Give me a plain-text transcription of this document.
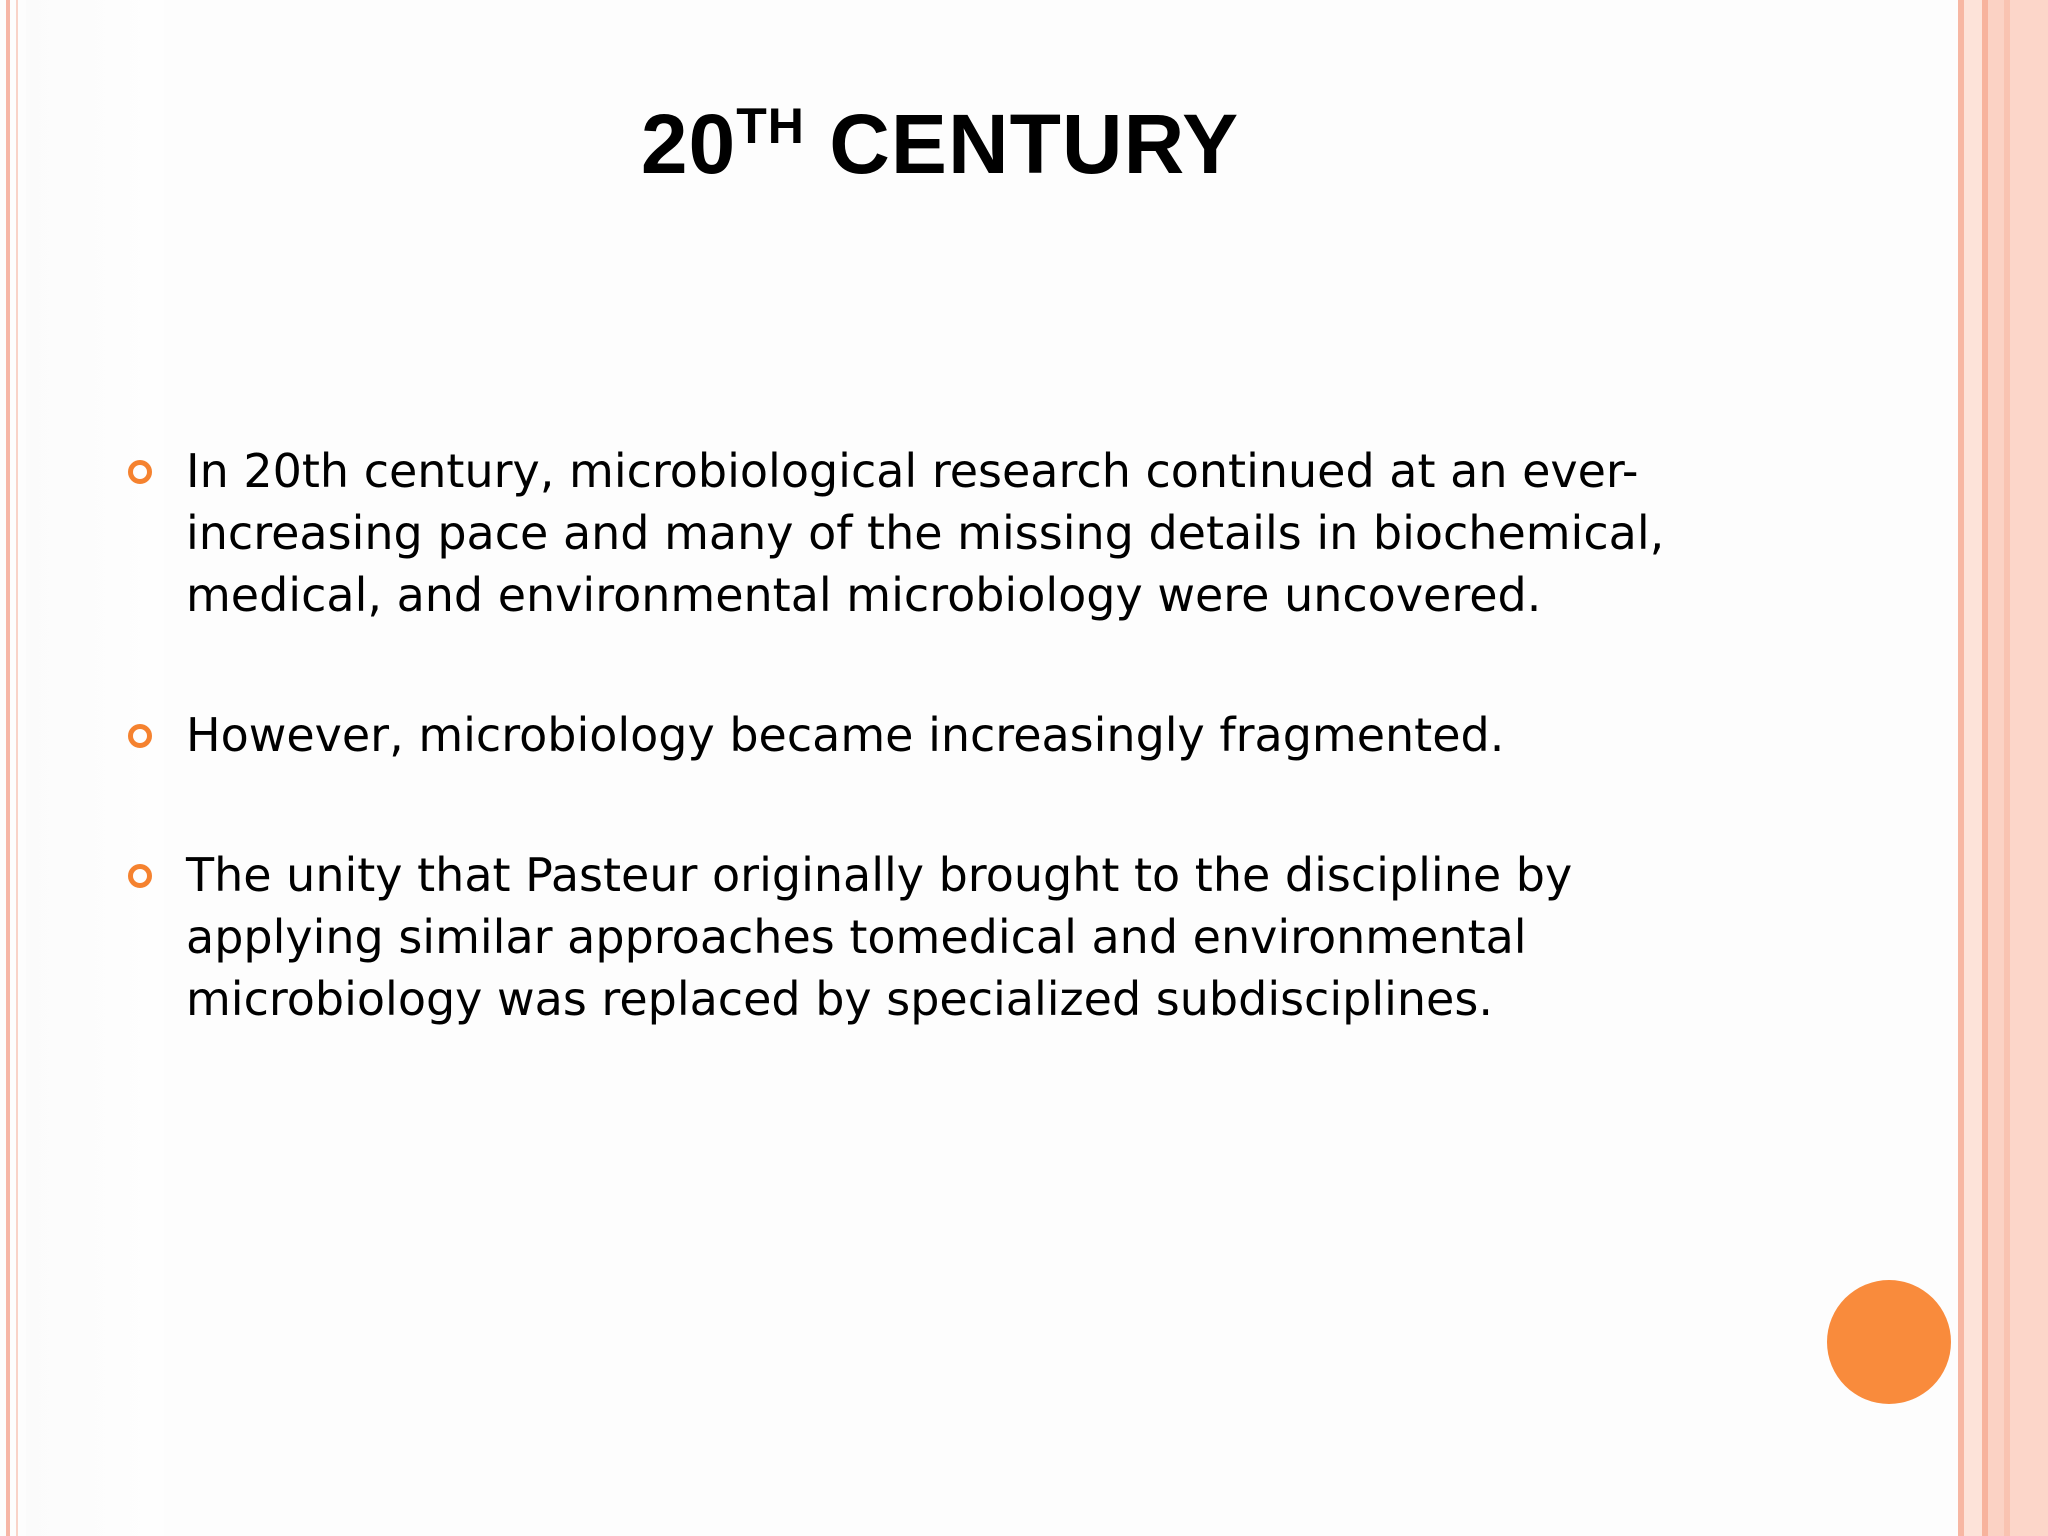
20TH CENTURY
In 20th century, microbiological research continued at an ever-increasing pace and many of the missing details in biochemical, medical, and environmental microbiology were uncovered.
However, microbiology became increasingly fragmented.
The unity that Pasteur originally brought to the discipline by applying similar approaches tomedical and environmental microbiology was replaced by specialized subdisciplines.
